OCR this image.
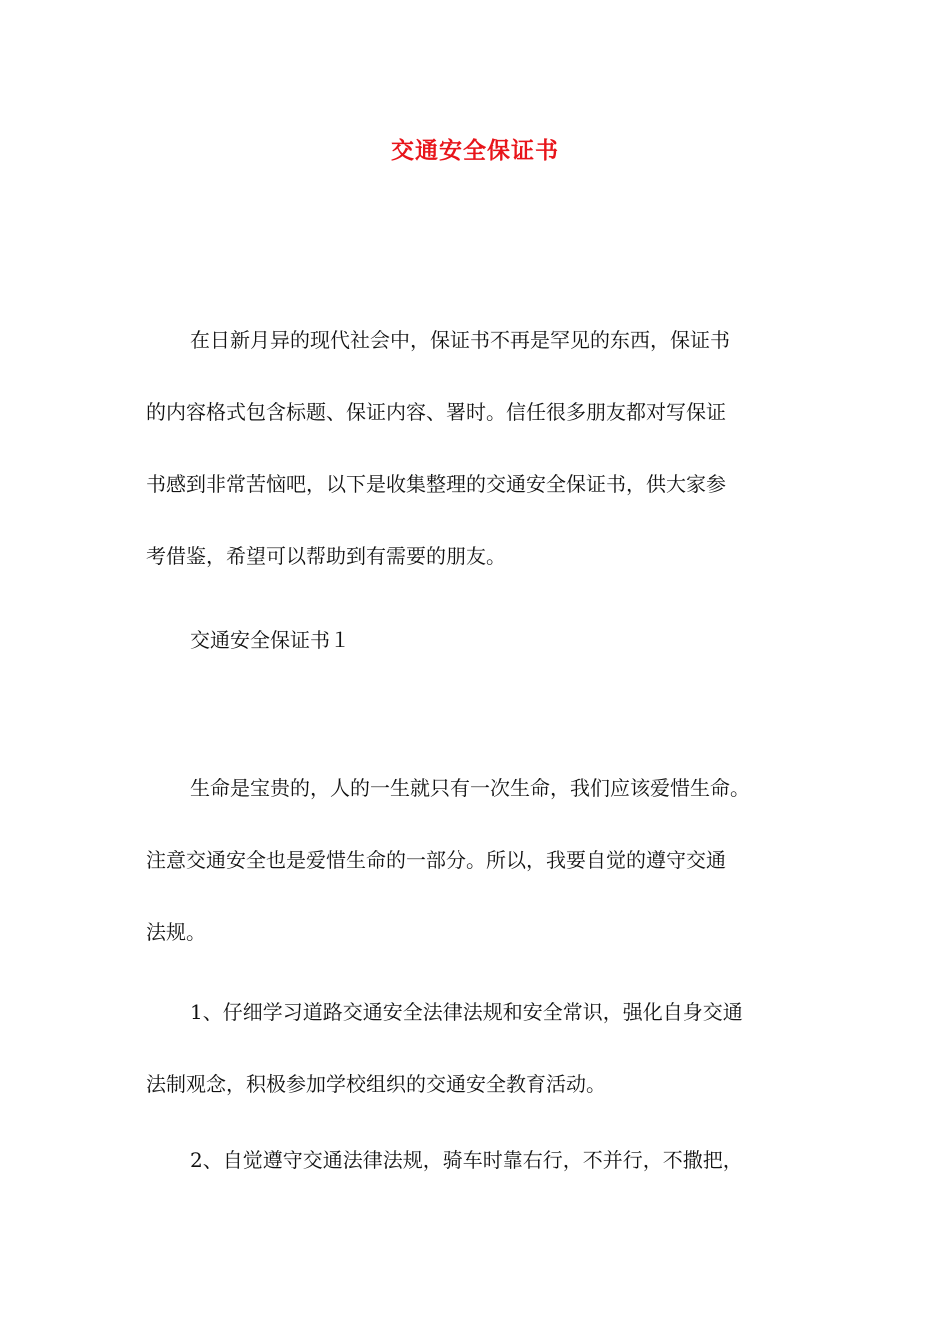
交通安全保证书

在日新月异的现代社会中，保证书不再是罕见的东西，保证书
的内容格式包含标题、保证内容、署时。信任很多朋友都对写保证
书感到非常苦恼吧，以下是收集整理的交通安全保证书，供大家参
考借鉴，希望可以帮助到有需要的朋友。

交通安全保证书１

生命是宝贵的，人的一生就只有一次生命，我们应该爱惜生命。
注意交通安全也是爱惜生命的一部分。所以，我要自觉的遵守交通
法规。

1、仔细学习道路交通安全法律法规和安全常识，强化自身交通
法制观念，积极参加学校组织的交通安全教育活动。

2、自觉遵守交通法律法规，骑车时靠右行，不并行，不撒把，
